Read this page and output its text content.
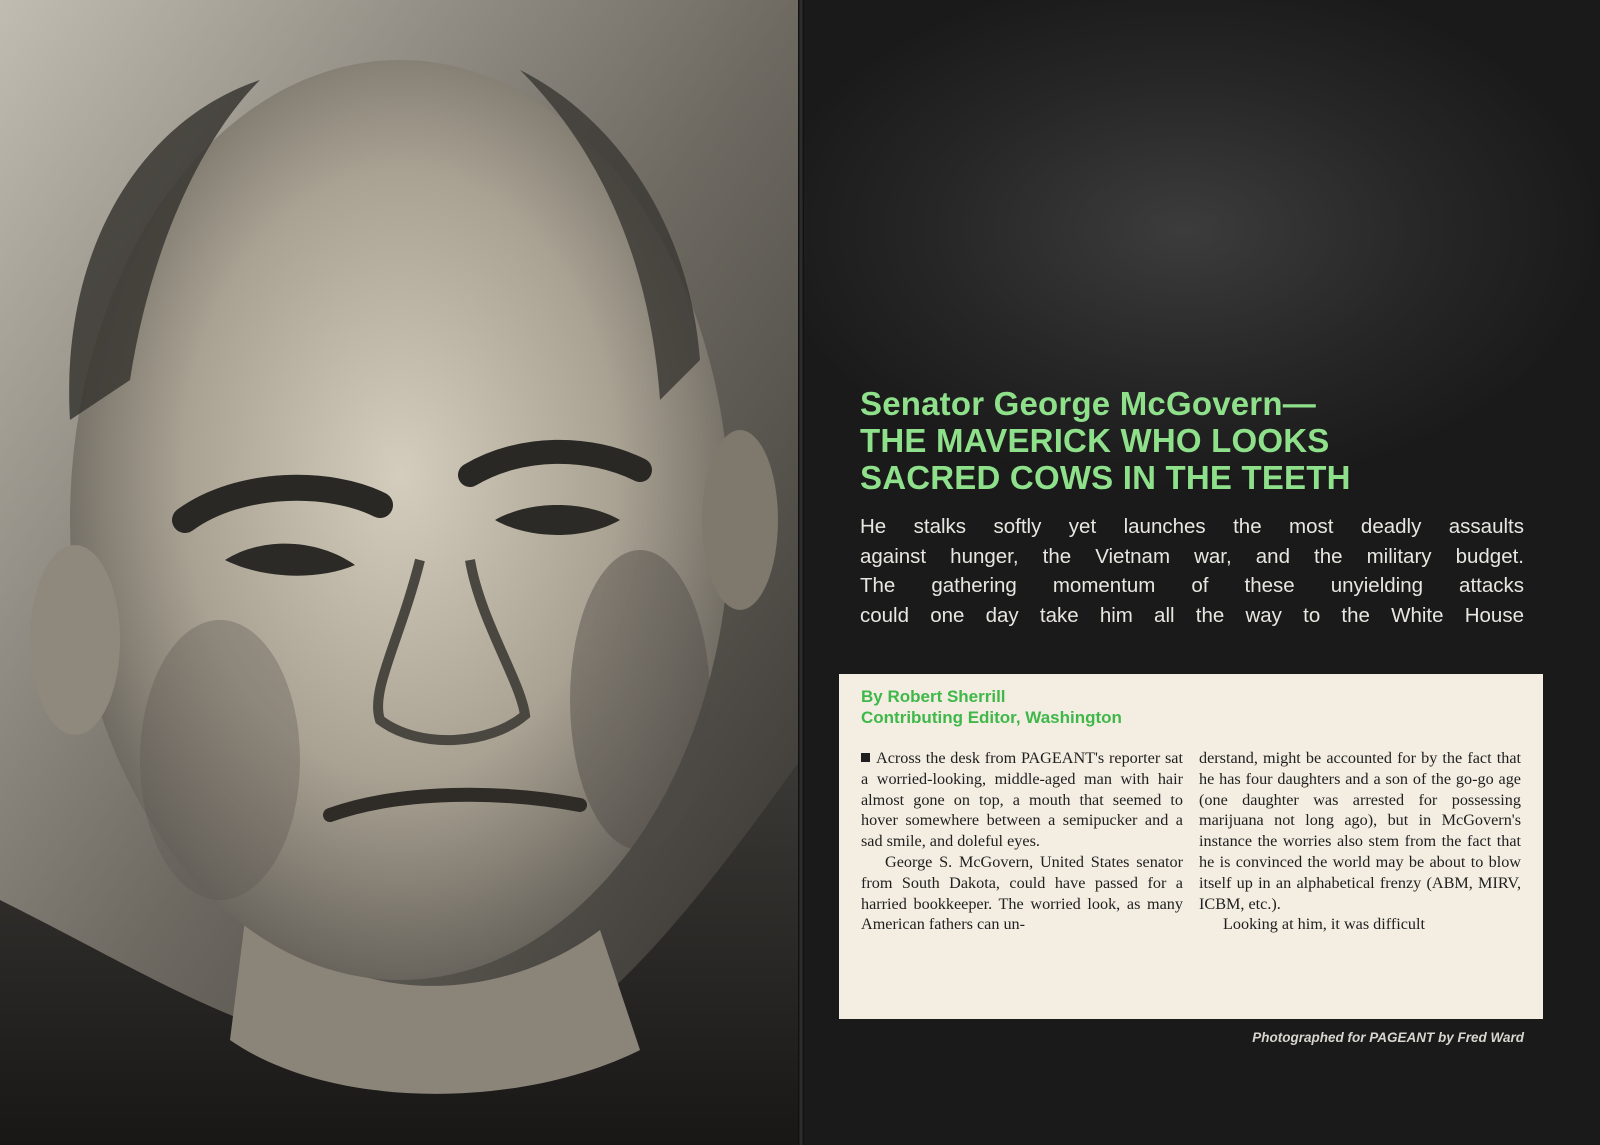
Senator George McGovern—
THE MAVERICK WHO LOOKS
SACRED COWS IN THE TEETH
He stalks softly yet launches the most deadly assaults
against hunger, the Vietnam war, and the military budget.
The gathering momentum of these unyielding attacks
could one day take him all the way to the White House
By Robert Sherrill
Contributing Editor, Washington

Across the desk from PAGEANT's reporter sat a worried-looking, middle-aged man with hair almost gone on top, a mouth that seemed to hover somewhere between a semipucker and a sad smile, and doleful eyes.

George S. McGovern, United States senator from South Dakota, could have passed for a harried bookkeeper. The worried look, as many American fathers can un-

derstand, might be accounted for by the fact that he has four daughters and a son of the go-go age (one daughter was arrested for possessing marijuana not long ago), but in McGovern's instance the worries also stem from the fact that he is convinced the world may be about to blow itself up in an alphabetical frenzy (ABM, MIRV, ICBM, etc.).

Looking at him, it was difficult

Photographed for PAGEANT by Fred Ward
